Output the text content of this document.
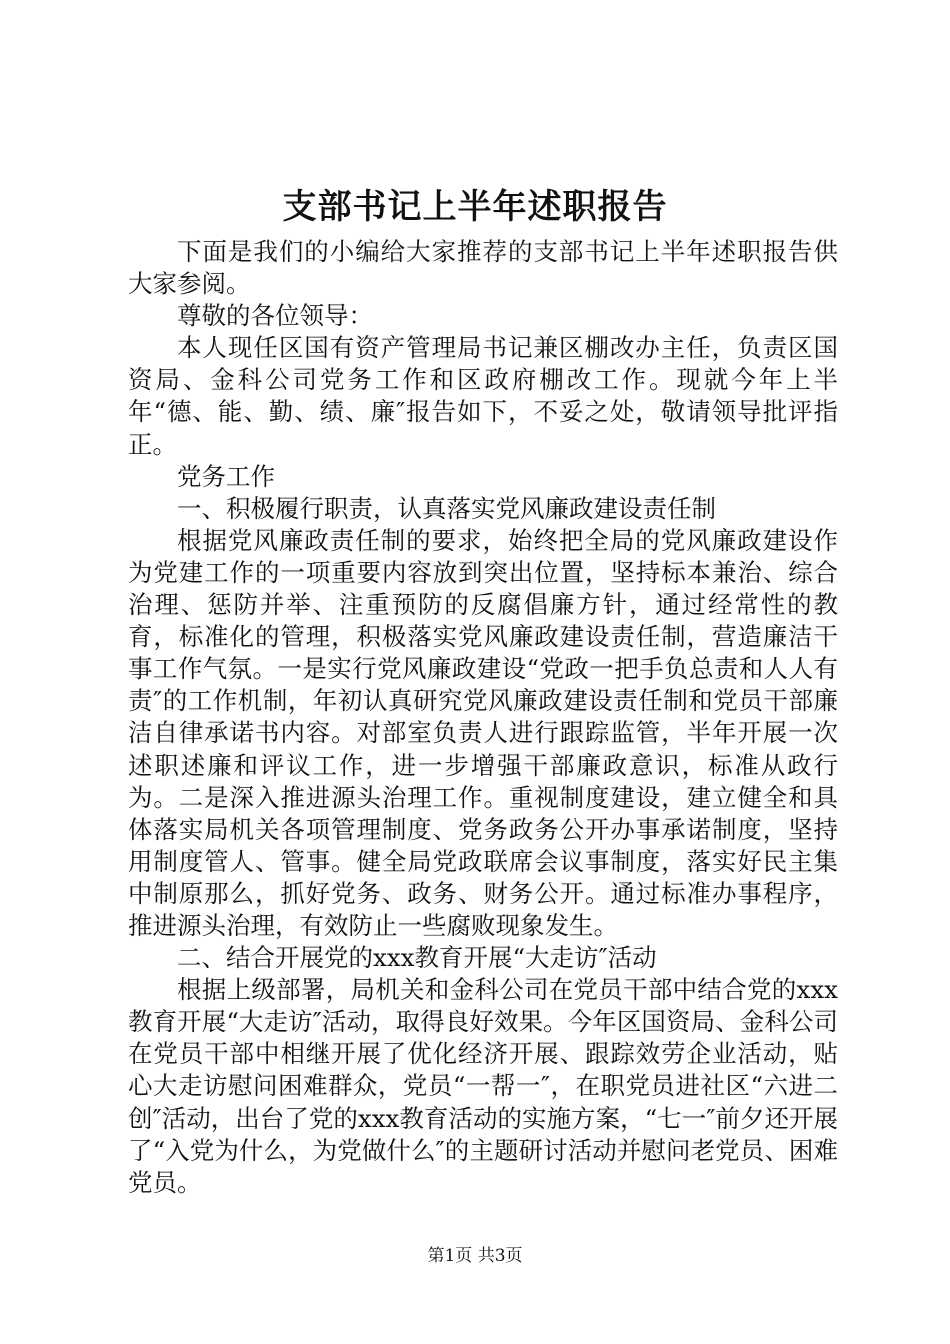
支部书记上半年述职报告

下面是我们的小编给大家推荐的支部书记上半年述职报告供大家参阅。

尊敬的各位领导：

本人现任区国有资产管理局书记兼区棚改办主任，负责区国资局、金科公司党务工作和区政府棚改工作。现就今年上半年“德、能、勤、绩、廉″报告如下，不妥之处，敬请领导批评指正。

党务工作

一、积极履行职责，认真落实党风廉政建设责任制

根据党风廉政责任制的要求，始终把全局的党风廉政建设作为党建工作的一项重要内容放到突出位置，坚持标本兼治、综合治理、惩防并举、注重预防的反腐倡廉方针，通过经常性的教育，标准化的管理，积极落实党风廉政建设责任制，营造廉洁干事工作气氛。一是实行党风廉政建设“党政一把手负总责和人人有责″的工作机制，年初认真研究党风廉政建设责任制和党员干部廉洁自律承诺书内容。对部室负责人进行跟踪监管，半年开展一次述职述廉和评议工作，进一步增强干部廉政意识，标准从政行为。二是深入推进源头治理工作。重视制度建设，建立健全和具体落实局机关各项管理制度、党务政务公开办事承诺制度，坚持用制度管人、管事。健全局党政联席会议事制度，落实好民主集中制原那么，抓好党务、政务、财务公开。通过标准办事程序，推进源头治理，有效防止一些腐败现象发生。

二、结合开展党的xxx教育开展“大走访″活动

根据上级部署，局机关和金科公司在党员干部中结合党的xxx教育开展“大走访″活动，取得良好效果。今年区国资局、金科公司在党员干部中相继开展了优化经济开展、跟踪效劳企业活动，贴心大走访慰问困难群众，党员“一帮一″，在职党员进社区“六进二创″活动，出台了党的xxx教育活动的实施方案，“七一″前夕还开展了“入党为什么，为党做什么″的主题研讨活动并慰问老党员、困难党员。

第1页 共3页
